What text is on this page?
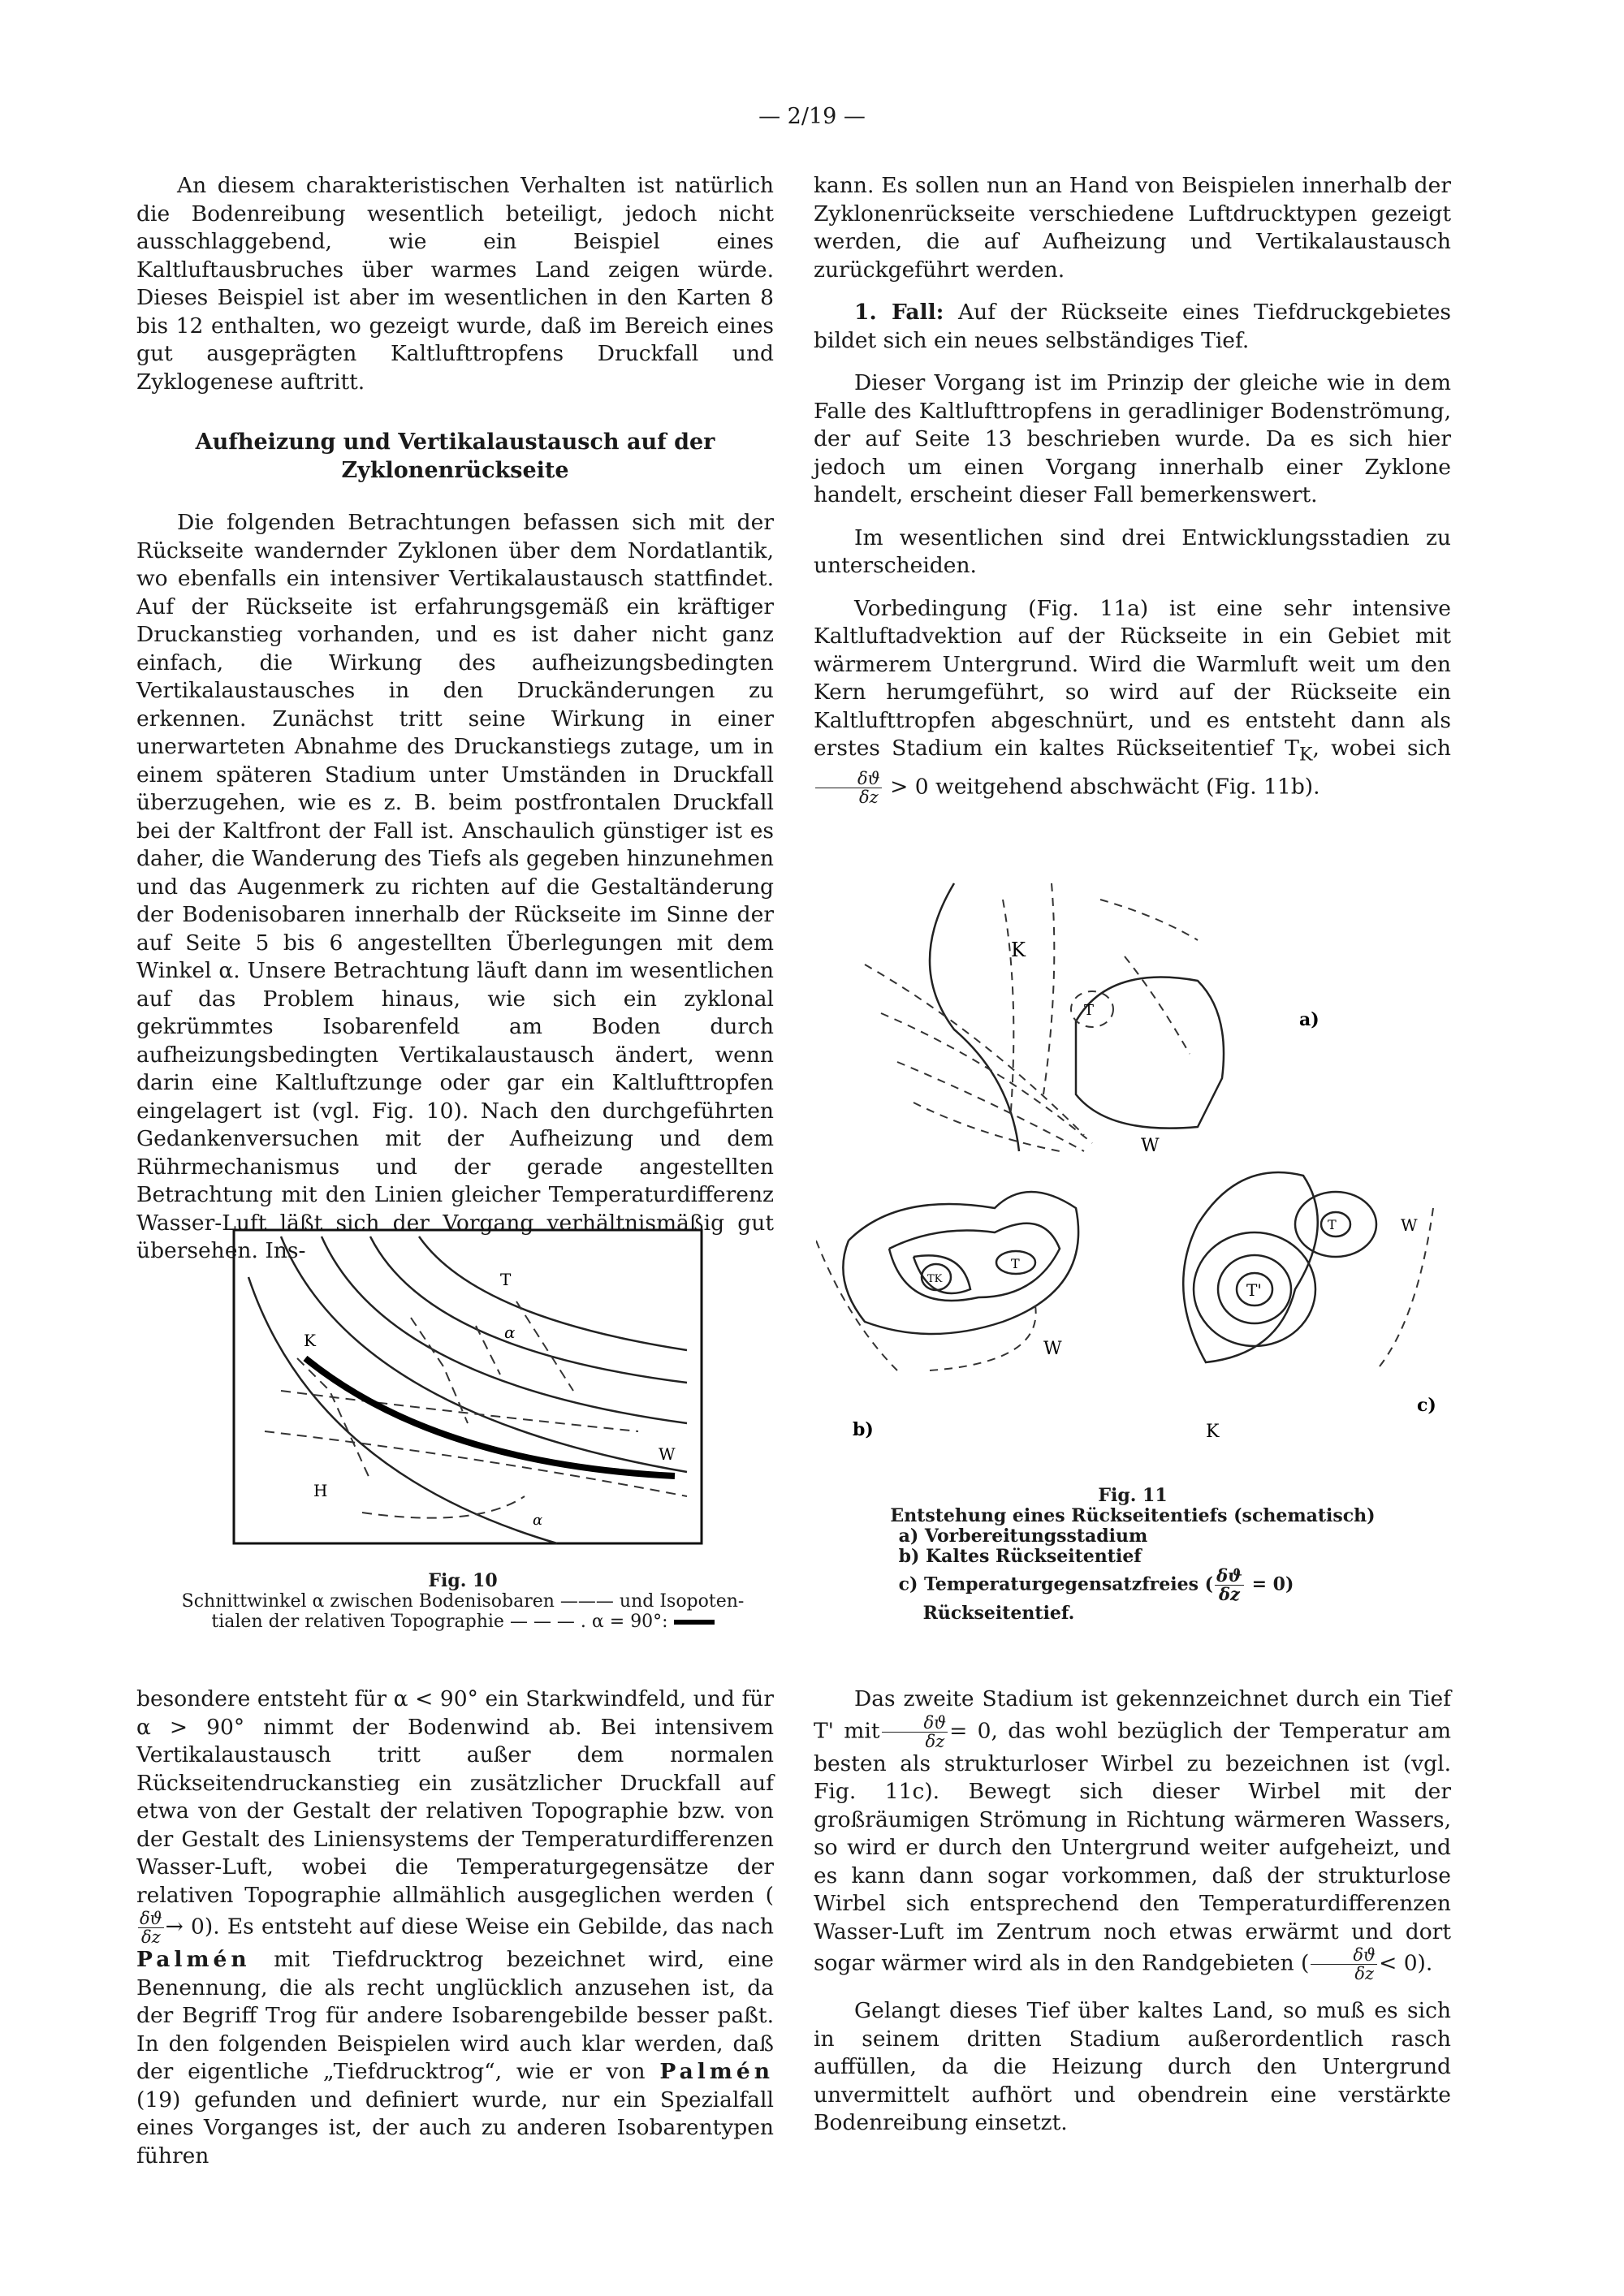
— 2/19 —

An diesem charakteristischen Verhalten ist natürlich die Bodenreibung wesentlich beteiligt, jedoch nicht ausschlaggebend, wie ein Beispiel eines Kaltluftausbruches über warmes Land zeigen würde. Dieses Beispiel ist aber im wesentlichen in den Karten 8 bis 12 enthalten, wo gezeigt wurde, daß im Bereich eines gut ausgeprägten Kaltlufttropfens Druckfall und Zyklogenese auftritt.

Aufheizung und Vertikalaustausch auf der Zyklonenrückseite

Die folgenden Betrachtungen befassen sich mit der Rückseite wandernder Zyklonen über dem Nordatlantik, wo ebenfalls ein intensiver Vertikalaustausch stattfindet. Auf der Rückseite ist erfahrungsgemäß ein kräftiger Druckanstieg vorhanden, und es ist daher nicht ganz einfach, die Wirkung des aufheizungsbedingten Vertikalaustausches in den Druckänderungen zu erkennen. Zunächst tritt seine Wirkung in einer unerwarteten Abnahme des Druckanstiegs zutage, um in einem späteren Stadium unter Umständen in Druckfall überzugehen, wie es z. B. beim postfrontalen Druckfall bei der Kaltfront der Fall ist. Anschaulich günstiger ist es daher, die Wanderung des Tiefs als gegeben hinzunehmen und das Augenmerk zu richten auf die Gestaltänderung der Bodenisobaren innerhalb der Rückseite im Sinne der auf Seite 5 bis 6 angestellten Überlegungen mit dem Winkel α. Unsere Betrachtung läuft dann im wesentlichen auf das Problem hinaus, wie sich ein zyklonal gekrümmtes Isobarenfeld am Boden durch aufheizungsbedingten Vertikalaustausch ändert, wenn darin eine Kaltluftzunge oder gar ein Kaltlufttropfen eingelagert ist (vgl. Fig. 10). Nach den durchgeführten Gedankenversuchen mit der Aufheizung und dem Rührmechanismus und der gerade angestellten Betrachtung mit den Linien gleicher Temperaturdifferenz Wasser-Luft läßt sich der Vorgang verhältnismäßig gut übersehen. Ins-

kann. Es sollen nun an Hand von Beispielen innerhalb der Zyklonenrückseite verschiedene Luftdrucktypen gezeigt werden, die auf Aufheizung und Vertikalaustausch zurückgeführt werden.

1. Fall: Auf der Rückseite eines Tiefdruckgebietes bildet sich ein neues selbständiges Tief.

Dieser Vorgang ist im Prinzip der gleiche wie in dem Falle des Kaltlufttropfens in geradliniger Bodenströmung, der auf Seite 13 beschrieben wurde. Da es sich hier jedoch um einen Vorgang innerhalb einer Zyklone handelt, erscheint dieser Fall bemerkenswert.

Im wesentlichen sind drei Entwicklungsstadien zu unterscheiden.

Vorbedingung (Fig. 11a) ist eine sehr intensive Kaltluftadvektion auf der Rückseite in ein Gebiet mit wärmerem Untergrund. Wird die Warmluft weit um den Kern herumgeführt, so wird auf der Rückseite ein Kaltlufttropfen abgeschnürt, und es entsteht dann als erstes Stadium ein kaltes Rückseitentief $T_K$, wobei sich
$\frac{\delta ϑ}{\delta z} > 0$ weitgehend abschwächt (Fig. 11b).

K
T
α
W
H
α
Fig. 10
Schnittwinkel α zwischen Bodenisobaren ——— und Isopoten-
tialen der relativen Topographie — — — . α = 90°:
K
T	a)
W
T
TK
W
b)
T'
T	W
K
c)
Fig. 11
Entstehung eines Rückseitentiefs (schematisch)
a) Vorbereitungsstadium
b) Kaltes Rückseitentief
c) Temperaturgegensatzfreies ( $\frac{\delta ϑ}{\delta z} = 0$)
Rückseitentief.

besondere entsteht für α < 90° ein Starkwindfeld, und für α > 90° nimmt der Bodenwind ab. Bei intensivem Vertikalaustausch tritt außer dem normalen Rückseitendruckanstieg ein zusätzlicher Druckfall auf etwa von der Gestalt der relativen Topographie bzw. von der Gestalt des Liniensystems der Temperaturdifferenzen Wasser-Luft, wobei die Temperaturgegensätze der relativen Topographie allmählich ausgeglichen werden (
$\frac{\delta ϑ}{\delta z} \to 0$). Es entsteht auf diese Weise ein Gebilde, das nach Palmén mit Tiefdrucktrog bezeichnet wird, eine Benennung, die als recht unglücklich anzusehen ist, da der Begriff Trog für andere Isobarengebilde besser paßt. In den folgenden Beispielen wird auch klar werden, daß der eigentliche „Tiefdrucktrog“, wie er von Palmén (19) gefunden und definiert wurde, nur ein Spezialfall eines Vorganges ist, der auch zu anderen Isobarentypen führen

Das zweite Stadium ist gekennzeichnet durch ein Tief T' mit $\frac{\delta ϑ}{\delta z} = 0$, das wohl bezüglich der Temperatur am besten als strukturloser Wirbel zu bezeichnen ist (vgl. Fig. 11c). Bewegt sich dieser Wirbel mit der großräumigen Strömung in Richtung wärmeren Wassers, so wird er durch den Untergrund weiter aufgeheizt, und es kann dann sogar vorkommen, daß der strukturlose Wirbel sich entsprechend den Temperaturdifferenzen Wasser-Luft im Zentrum noch etwas erwärmt und dort sogar wärmer wird als in den Randgebieten ( $\frac{\delta ϑ}{\delta z} < 0$).

Gelangt dieses Tief über kaltes Land, so muß es sich in seinem dritten Stadium außerordentlich rasch auffüllen, da die Heizung durch den Untergrund unvermittelt aufhört und obendrein eine verstärkte Bodenreibung einsetzt.
